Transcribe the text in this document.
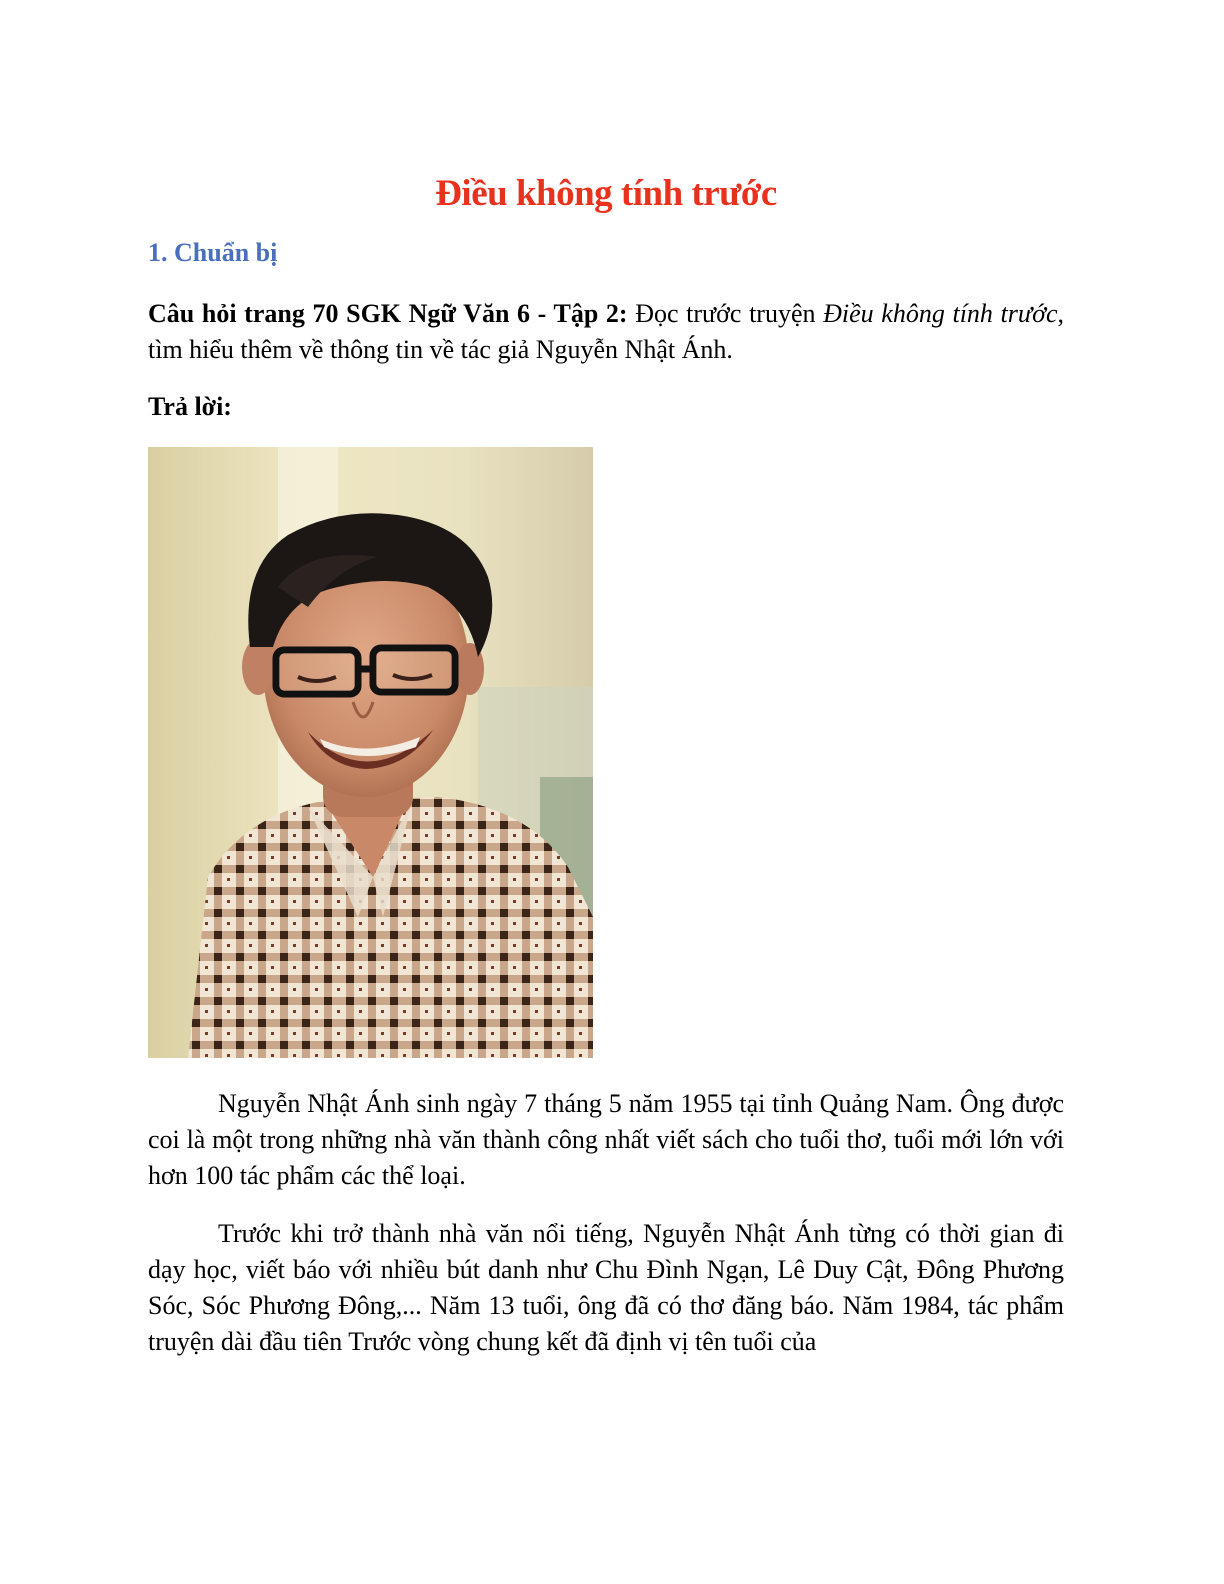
Điều không tính trước
1. Chuẩn bị

Câu hỏi trang 70 SGK Ngữ Văn 6 - Tập 2: Đọc trước truyện Điều không tính trước, tìm hiểu thêm về thông tin về tác giả Nguyễn Nhật Ánh.

Trả lời:

Nguyễn Nhật Ánh sinh ngày 7 tháng 5 năm 1955 tại tỉnh Quảng Nam. Ông được coi là một trong những nhà văn thành công nhất viết sách cho tuổi thơ, tuổi mới lớn với hơn 100 tác phẩm các thể loại.

Trước khi trở thành nhà văn nổi tiếng, Nguyễn Nhật Ánh từng có thời gian đi dạy học, viết báo với nhiều bút danh như Chu Đình Ngạn, Lê Duy Cật, Đông Phương Sóc, Sóc Phương Đông,... Năm 13 tuổi, ông đã có thơ đăng báo. Năm 1984, tác phẩm truyện dài đầu tiên Trước vòng chung kết đã định vị tên tuổi của
